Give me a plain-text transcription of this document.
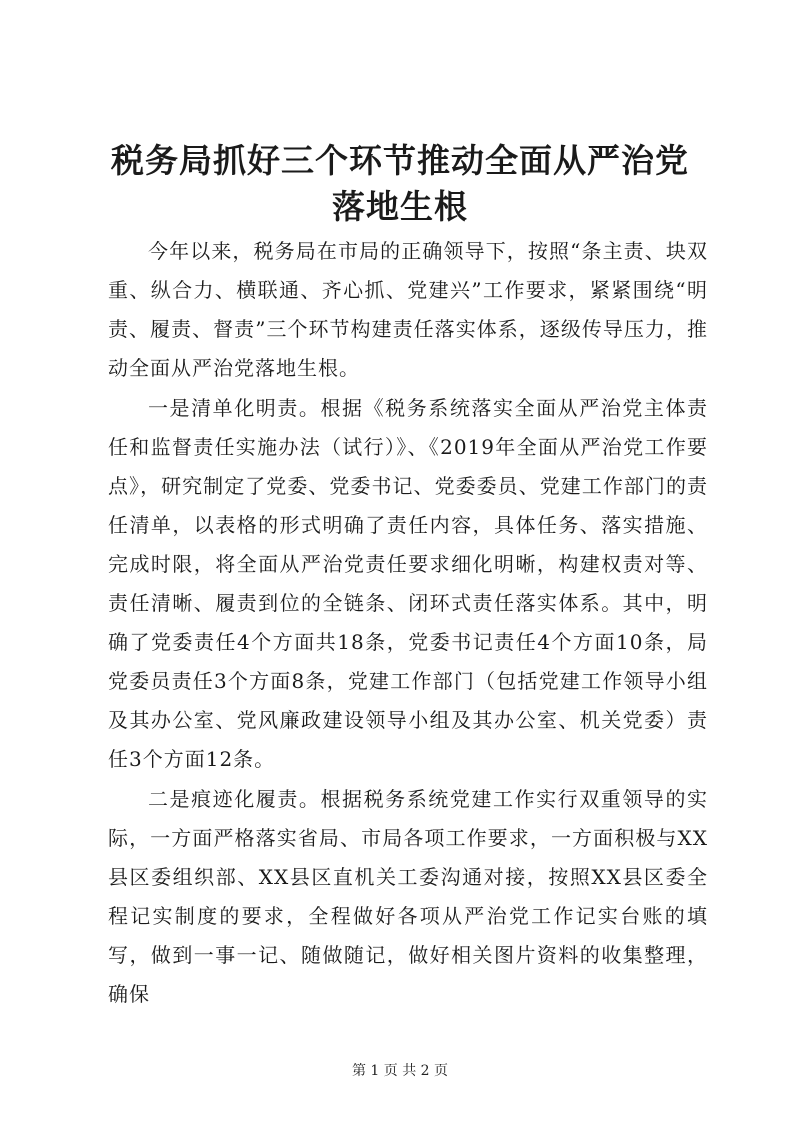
税务局抓好三个环节推动全面从严治党落地生根

今年以来，税务局在市局的正确领导下，按照“条主责、块双重、纵合力、横联通、齐心抓、党建兴”工作要求，紧紧围绕“明责、履责、督责”三个环节构建责任落实体系，逐级传导压力，推动全面从严治党落地生根。

一是清单化明责。根据《税务系统落实全面从严治党主体责任和监督责任实施办法（试行）》、《2019年全面从严治党工作要点》，研究制定了党委、党委书记、党委委员、党建工作部门的责任清单，以表格的形式明确了责任内容，具体任务、落实措施、完成时限，将全面从严治党责任要求细化明晰，构建权责对等、责任清晰、履责到位的全链条、闭环式责任落实体系。其中，明确了党委责任4个方面共18条，党委书记责任4个方面10条，局党委员责任3个方面8条，党建工作部门（包括党建工作领导小组及其办公室、党风廉政建设领导小组及其办公室、机关党委）责任3个方面12条。

二是痕迹化履责。根据税务系统党建工作实行双重领导的实际，一方面严格落实省局、市局各项工作要求，一方面积极与XX县区委组织部、XX县区直机关工委沟通对接，按照XX县区委全程记实制度的要求，全程做好各项从严治党工作记实台账的填写，做到一事一记、随做随记，做好相关图片资料的收集整理，确保

第 1 页 共 2 页
